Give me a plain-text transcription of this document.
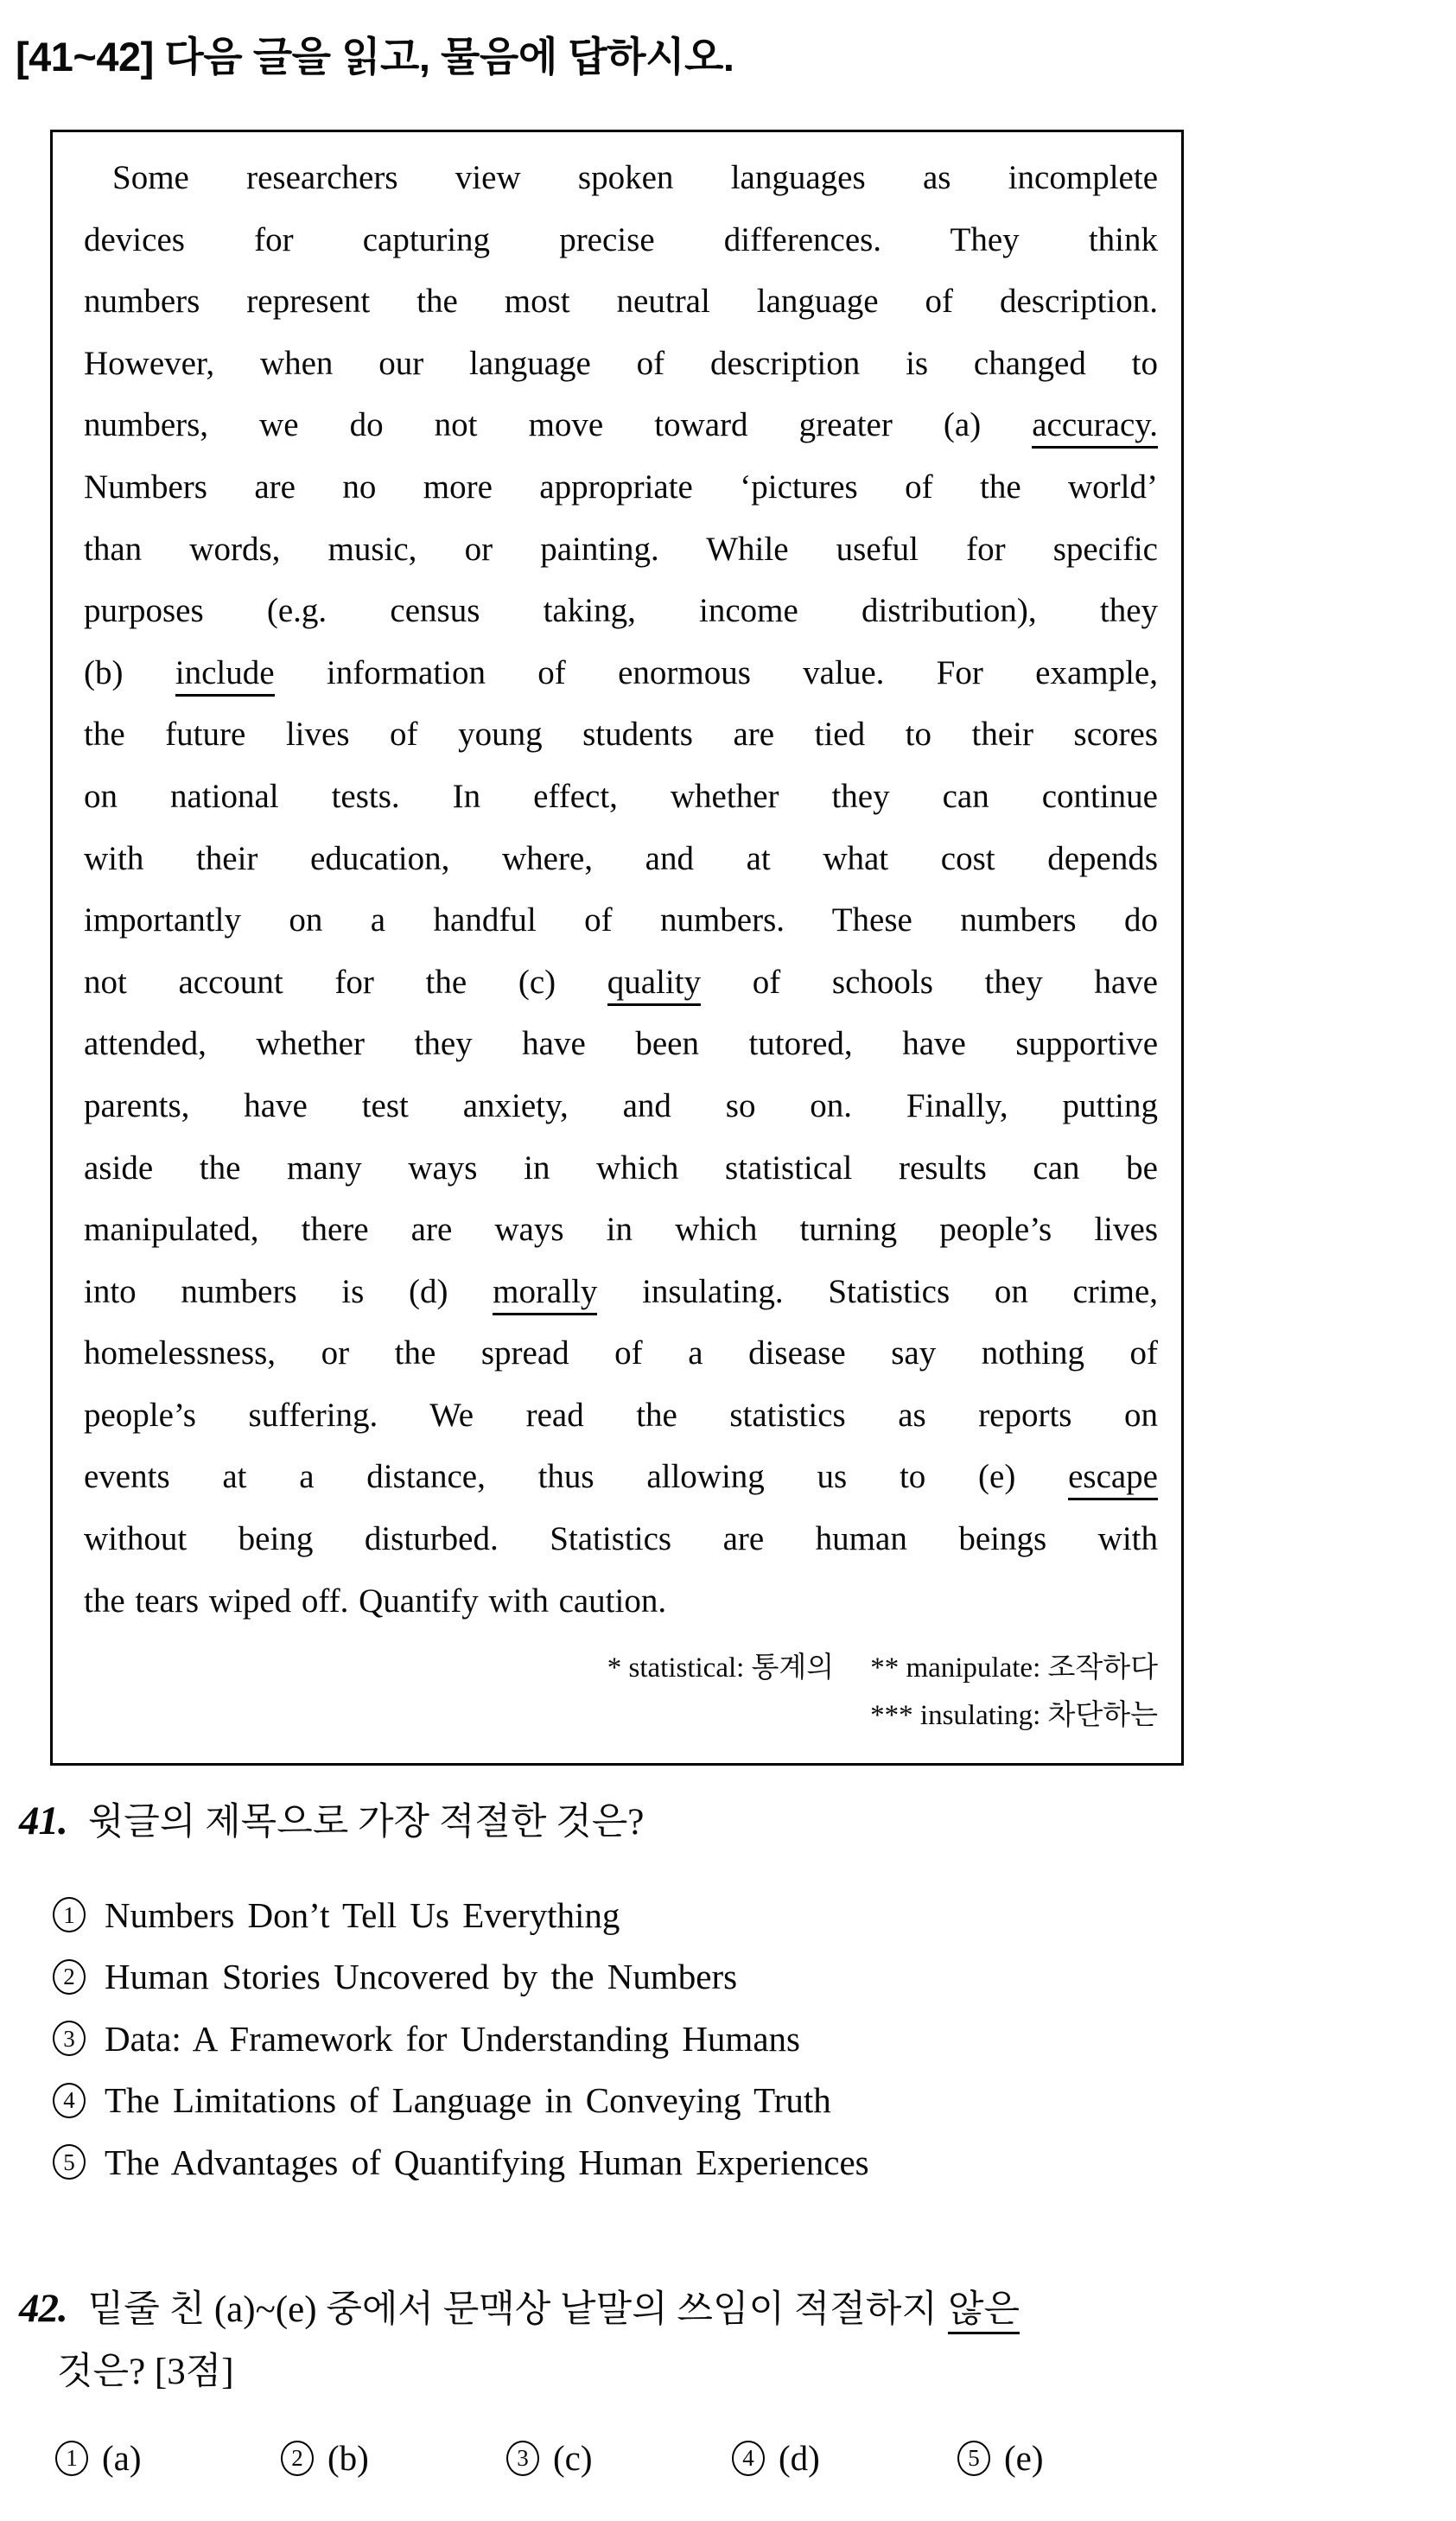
[41~42] 다음 글을 읽고, 물음에 답하시오.
Some researchers view spoken languages as incomplete
devices for capturing precise differences. They think
numbers represent the most neutral language of description.
However, when our language of description is changed to
numbers, we do not move toward greater (a) accuracy.
Numbers are no more appropriate ‘pictures of the world’
than words, music, or painting. While useful for specific
purposes (e.g. census taking, income distribution), they
(b) include information of enormous value. For example,
the future lives of young students are tied to their scores
on national tests. In effect, whether they can continue
with their education, where, and at what cost depends
importantly on a handful of numbers. These numbers do
not account for the (c) quality of schools they have
attended, whether they have been tutored, have supportive
parents, have test anxiety, and so on. Finally, putting
aside the many ways in which statistical results can be
manipulated, there are ways in which turning people’s lives
into numbers is (d) morally insulating. Statistics on crime,
homelessness, or the spread of a disease say nothing of
people’s suffering. We read the statistics as reports on
events at a distance, thus allowing us to (e) escape
without being disturbed. Statistics are human beings with
the tears wiped off. Quantify with caution.
* statistical: 통계의 ** manipulate: 조작하다
*** insulating: 차단하는
41. 윗글의 제목으로 가장 적절한 것은?
1 Numbers Don’t Tell Us Everything
2 Human Stories Uncovered by the Numbers
3 Data: A Framework for Understanding Humans
4 The Limitations of Language in Conveying Truth
5 The Advantages of Quantifying Human Experiences
42. 밑줄 친 (a)~(e) 중에서 문맥상 낱말의 쓰임이 적절하지 않은
것은? [3점]
1 (a)	2 (b)	3 (c)	4 (d)	5 (e)
